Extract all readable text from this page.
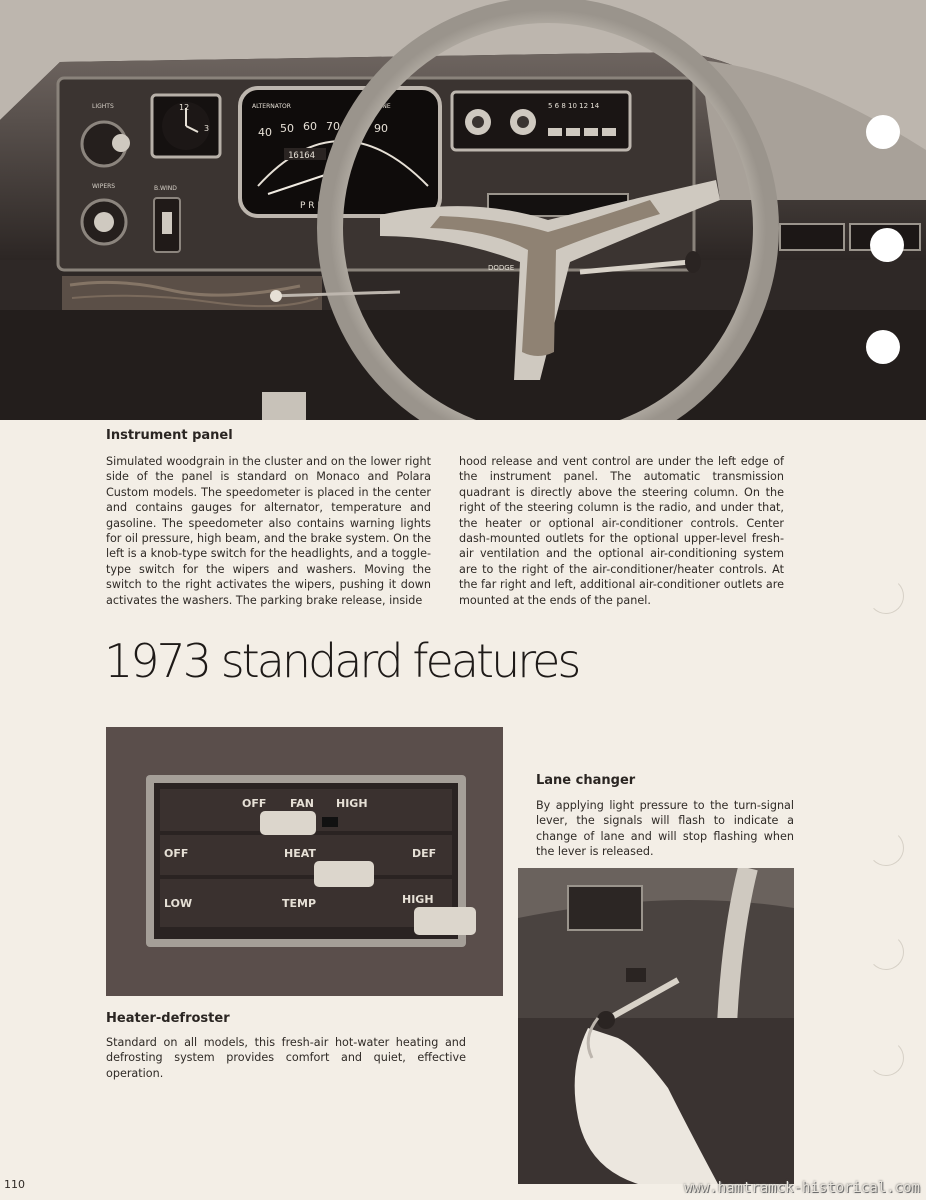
LIGHTS
WIPERS	B.WIND
12
3
ALTERNATOR	GASOLINE
40 50 60 70 80 90
16164
P R N D
5 6 8 10 12 14
DODGE
Instrument panel

Simulated woodgrain in the cluster and on the lower right side of the panel is standard on Monaco and Polara Custom models. The speedometer is placed in the center and contains gauges for alternator, temperature and gasoline. The speedometer also contains warning lights for oil pressure, high beam, and the brake system. On the left is a knob-type switch for the headlights, and a toggle-type switch for the wipers and washers. Moving the switch to the right activates the wipers, pushing it down activates the washers. The parking brake release, inside

hood release and vent control are under the left edge of the instrument panel. The automatic transmission quadrant is directly above the steering column. On the right of the steering column is the radio, and under that, the heater or optional air-conditioner controls. Center dash-mounted outlets for the optional upper-level fresh-air ventilation and the optional air-conditioning system are to the right of the air-conditioner/heater controls. At the far right and left, additional air-conditioner outlets are mounted at the ends of the panel.

1973 standard features
OFF FAN HIGH
OFF	HEAT	DEF
LOW	TEMP	HIGH
Lane changer

By applying light pressure to the turn-signal lever, the signals will flash to indicate a change of lane and will stop flashing when the lever is released.

Heater-defroster

Standard on all models, this fresh-air hot-water heating and defrosting system provides comfort and quiet, effective operation.

110	www.hamtramck-historical.com
